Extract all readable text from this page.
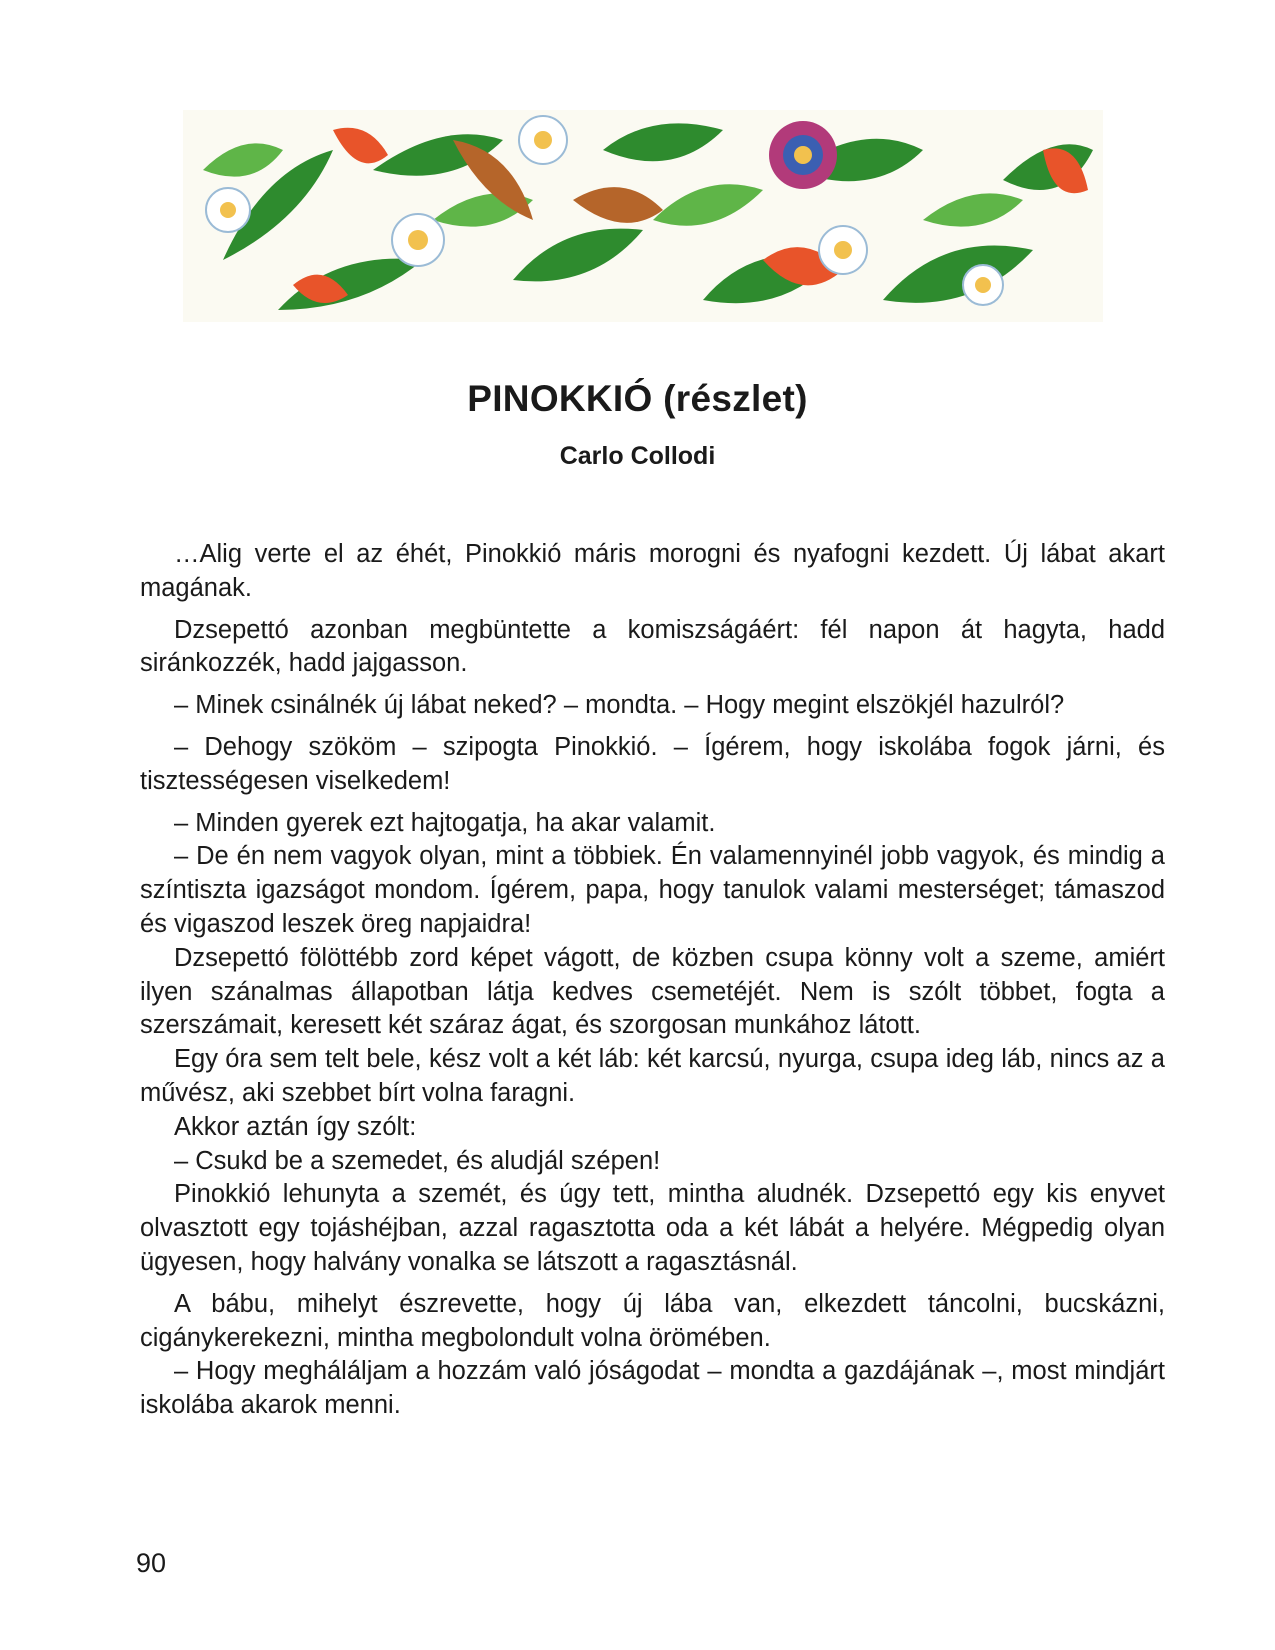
PINOKKIÓ (részlet)
Carlo Collodi

…Alig verte el az éhét, Pinokkió máris morogni és nyafogni kezdett. Új lábat akart magának.

Dzsepettó azonban megbüntette a komiszságáért: fél napon át hagyta, hadd siránkozzék, hadd jajgasson.

– Minek csinálnék új lábat neked? – mondta. – Hogy megint elszökjél hazulról?

– Dehogy szököm – szipogta Pinokkió. – Ígérem, hogy iskolába fogok járni, és tisztességesen viselkedem!

– Minden gyerek ezt hajtogatja, ha akar valamit.

– De én nem vagyok olyan, mint a többiek. Én valamennyinél jobb vagyok, és mindig a színtiszta igazságot mondom. Ígérem, papa, hogy tanulok valami mesterséget; támaszod és vigaszod leszek öreg napjaidra!

Dzsepettó fölöttébb zord képet vágott, de közben csupa könny volt a szeme, amiért ilyen szánalmas állapotban látja kedves csemetéjét. Nem is szólt többet, fogta a szerszámait, keresett két száraz ágat, és szorgosan munkához látott.

Egy óra sem telt bele, kész volt a két láb: két karcsú, nyurga, csupa ideg láb, nincs az a művész, aki szebbet bírt volna faragni.

Akkor aztán így szólt:

– Csukd be a szemedet, és aludjál szépen!

Pinokkió lehunyta a szemét, és úgy tett, mintha aludnék. Dzsepettó egy kis enyvet olvasztott egy tojáshéjban, azzal ragasztotta oda a két lábát a helyére. Mégpedig olyan ügyesen, hogy halvány vonalka se látszott a ragasztásnál.

A bábu, mihelyt észrevette, hogy új lába van, elkezdett táncolni, bucskázni, cigánykerekezni, mintha megbolondult volna örömében.

– Hogy megháláljam a hozzám való jóságodat – mondta a gazdájának –, most mindjárt iskolába akarok menni.

90
